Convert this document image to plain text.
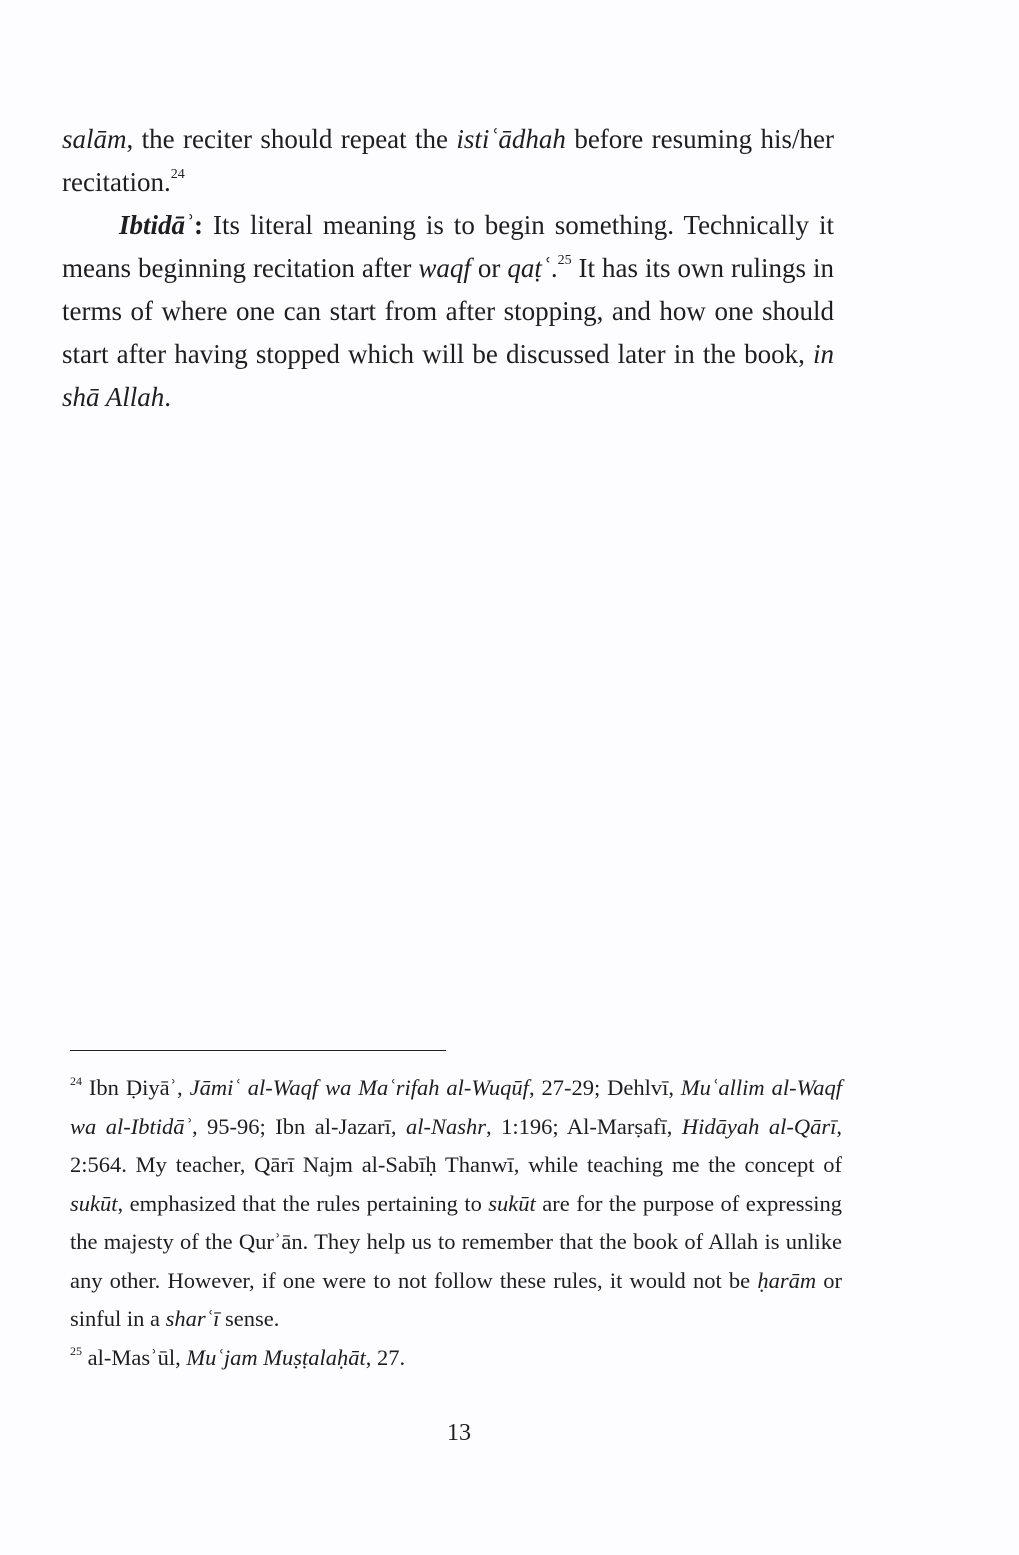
salām, the reciter should repeat the istiʿādhah before resuming his/her recitation.$^{24}$

Ibtidāʾ: Its literal meaning is to begin something. Technically it means beginning recitation after waqf or qaṭʿ.$^{25}$ It has its own rulings in terms of where one can start from after stopping, and how one should start after having stopped which will be discussed later in the book, in shā Allah.

$^{24}$ Ibn Ḍiyāʾ, Jāmiʿ al-Waqf wa Maʿrifah al-Wuqūf, 27-29; Dehlvī, Muʿallim al-Waqf wa al-Ibtidāʾ, 95-96; Ibn al-Jazarī, al-Nashr, 1:196; Al-Marṣafī, Hidāyah al-Qārī, 2:564. My teacher, Qārī Najm al-Sabīḥ Thanwī, while teaching me the concept of sukūt, emphasized that the rules pertaining to sukūt are for the purpose of expressing the majesty of the Qurʾān. They help us to remember that the book of Allah is unlike any other. However, if one were to not follow these rules, it would not be ḥarām or sinful in a sharʿī sense.

$^{25}$ al-Masʾūl, Muʿjam Muṣṭalaḥāt, 27.

13
